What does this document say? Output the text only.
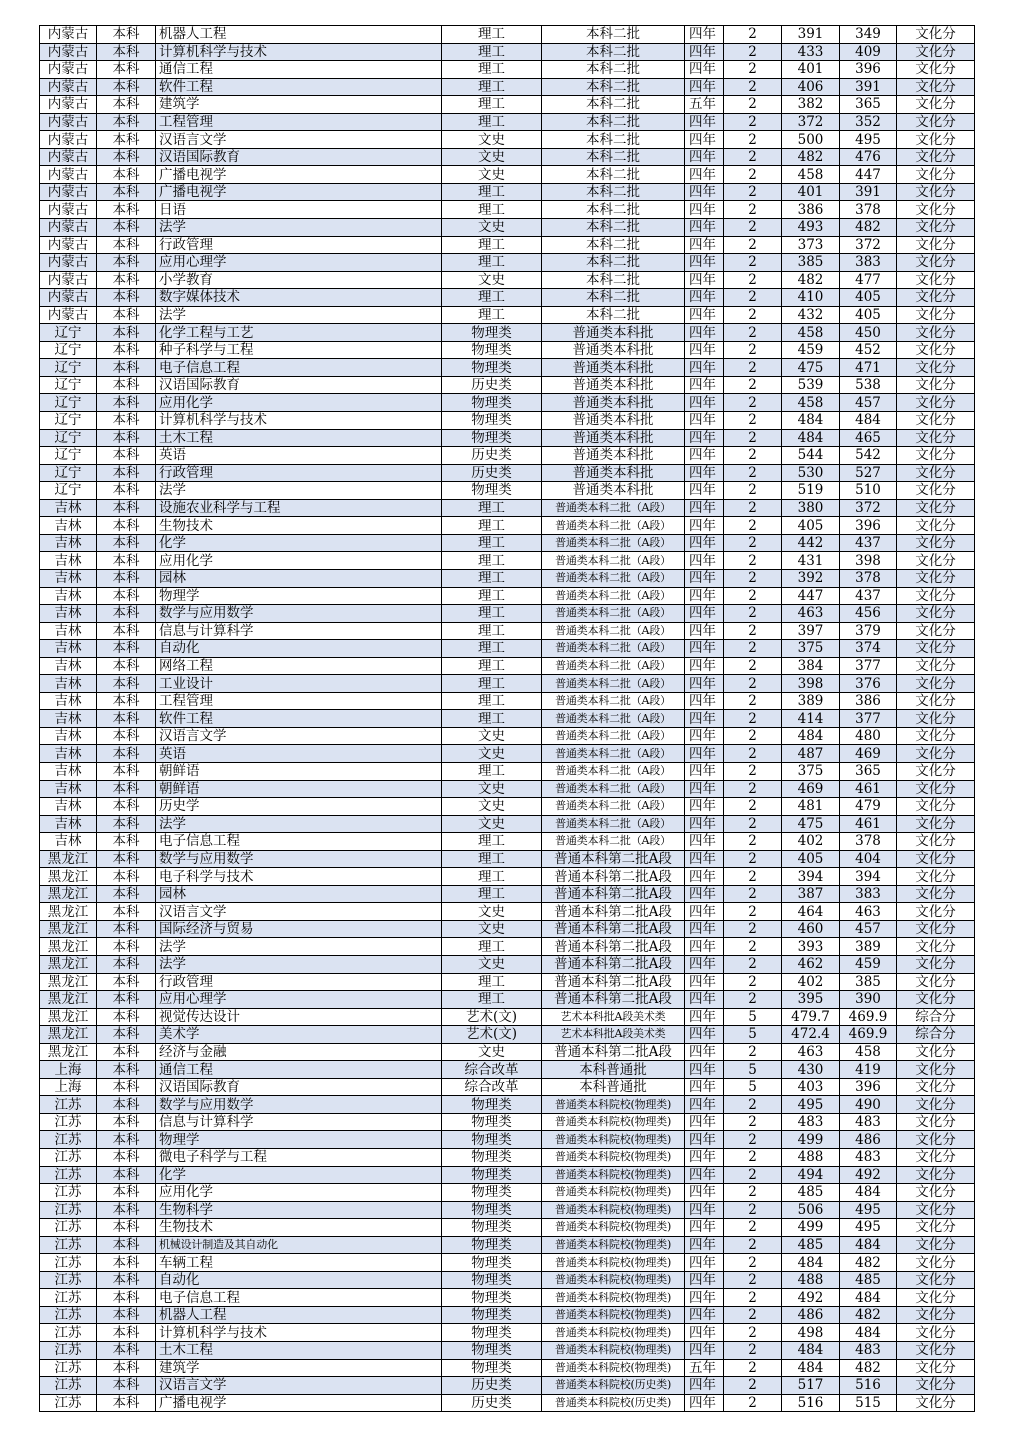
内蒙古	本科	机器人工程	理工	本科二批	四年	2	391	349	文化分
内蒙古	本科	计算机科学与技术	理工	本科二批	四年	2	433	409	文化分
内蒙古	本科	通信工程	理工	本科二批	四年	2	401	396	文化分
内蒙古	本科	软件工程	理工	本科二批	四年	2	406	391	文化分
内蒙古	本科	建筑学	理工	本科二批	五年	2	382	365	文化分
内蒙古	本科	工程管理	理工	本科二批	四年	2	372	352	文化分
内蒙古	本科	汉语言文学	文史	本科二批	四年	2	500	495	文化分
内蒙古	本科	汉语国际教育	文史	本科二批	四年	2	482	476	文化分
内蒙古	本科	广播电视学	文史	本科二批	四年	2	458	447	文化分
内蒙古	本科	广播电视学	理工	本科二批	四年	2	401	391	文化分
内蒙古	本科	日语	理工	本科二批	四年	2	386	378	文化分
内蒙古	本科	法学	文史	本科二批	四年	2	493	482	文化分
内蒙古	本科	行政管理	理工	本科二批	四年	2	373	372	文化分
内蒙古	本科	应用心理学	理工	本科二批	四年	2	385	383	文化分
内蒙古	本科	小学教育	文史	本科二批	四年	2	482	477	文化分
内蒙古	本科	数字媒体技术	理工	本科二批	四年	2	410	405	文化分
内蒙古	本科	法学	理工	本科二批	四年	2	432	405	文化分
辽宁	本科	化学工程与工艺	物理类	普通类本科批	四年	2	458	450	文化分
辽宁	本科	种子科学与工程	物理类	普通类本科批	四年	2	459	452	文化分
辽宁	本科	电子信息工程	物理类	普通类本科批	四年	2	475	471	文化分
辽宁	本科	汉语国际教育	历史类	普通类本科批	四年	2	539	538	文化分
辽宁	本科	应用化学	物理类	普通类本科批	四年	2	458	457	文化分
辽宁	本科	计算机科学与技术	物理类	普通类本科批	四年	2	484	484	文化分
辽宁	本科	土木工程	物理类	普通类本科批	四年	2	484	465	文化分
辽宁	本科	英语	历史类	普通类本科批	四年	2	544	542	文化分
辽宁	本科	行政管理	历史类	普通类本科批	四年	2	530	527	文化分
辽宁	本科	法学	物理类	普通类本科批	四年	2	519	510	文化分
吉林	本科	设施农业科学与工程	理工	普通类本科二批（A段）	四年	2	380	372	文化分
吉林	本科	生物技术	理工	普通类本科二批（A段）	四年	2	405	396	文化分
吉林	本科	化学	理工	普通类本科二批（A段）	四年	2	442	437	文化分
吉林	本科	应用化学	理工	普通类本科二批（A段）	四年	2	431	398	文化分
吉林	本科	园林	理工	普通类本科二批（A段）	四年	2	392	378	文化分
吉林	本科	物理学	理工	普通类本科二批（A段）	四年	2	447	437	文化分
吉林	本科	数学与应用数学	理工	普通类本科二批（A段）	四年	2	463	456	文化分
吉林	本科	信息与计算科学	理工	普通类本科二批（A段）	四年	2	397	379	文化分
吉林	本科	自动化	理工	普通类本科二批（A段）	四年	2	375	374	文化分
吉林	本科	网络工程	理工	普通类本科二批（A段）	四年	2	384	377	文化分
吉林	本科	工业设计	理工	普通类本科二批（A段）	四年	2	398	376	文化分
吉林	本科	工程管理	理工	普通类本科二批（A段）	四年	2	389	386	文化分
吉林	本科	软件工程	理工	普通类本科二批（A段）	四年	2	414	377	文化分
吉林	本科	汉语言文学	文史	普通类本科二批（A段）	四年	2	484	480	文化分
吉林	本科	英语	文史	普通类本科二批（A段）	四年	2	487	469	文化分
吉林	本科	朝鲜语	理工	普通类本科二批（A段）	四年	2	375	365	文化分
吉林	本科	朝鲜语	文史	普通类本科二批（A段）	四年	2	469	461	文化分
吉林	本科	历史学	文史	普通类本科二批（A段）	四年	2	481	479	文化分
吉林	本科	法学	文史	普通类本科二批（A段）	四年	2	475	461	文化分
吉林	本科	电子信息工程	理工	普通类本科二批（A段）	四年	2	402	378	文化分
黑龙江	本科	数学与应用数学	理工	普通本科第二批A段	四年	2	405	404	文化分
黑龙江	本科	电子科学与技术	理工	普通本科第二批A段	四年	2	394	394	文化分
黑龙江	本科	园林	理工	普通本科第二批A段	四年	2	387	383	文化分
黑龙江	本科	汉语言文学	文史	普通本科第二批A段	四年	2	464	463	文化分
黑龙江	本科	国际经济与贸易	文史	普通本科第二批A段	四年	2	460	457	文化分
黑龙江	本科	法学	理工	普通本科第二批A段	四年	2	393	389	文化分
黑龙江	本科	法学	文史	普通本科第二批A段	四年	2	462	459	文化分
黑龙江	本科	行政管理	理工	普通本科第二批A段	四年	2	402	385	文化分
黑龙江	本科	应用心理学	理工	普通本科第二批A段	四年	2	395	390	文化分
黑龙江	本科	视觉传达设计	艺术(文)	艺术本科批A段美术类	四年	5	479.7	469.9	综合分
黑龙江	本科	美术学	艺术(文)	艺术本科批A段美术类	四年	5	472.4	469.9	综合分
黑龙江	本科	经济与金融	文史	普通本科第二批A段	四年	2	463	458	文化分
上海	本科	通信工程	综合改革	本科普通批	四年	5	430	419	文化分
上海	本科	汉语国际教育	综合改革	本科普通批	四年	5	403	396	文化分
江苏	本科	数学与应用数学	物理类	普通类本科院校(物理类)	四年	2	495	490	文化分
江苏	本科	信息与计算科学	物理类	普通类本科院校(物理类)	四年	2	483	483	文化分
江苏	本科	物理学	物理类	普通类本科院校(物理类)	四年	2	499	486	文化分
江苏	本科	微电子科学与工程	物理类	普通类本科院校(物理类)	四年	2	488	483	文化分
江苏	本科	化学	物理类	普通类本科院校(物理类)	四年	2	494	492	文化分
江苏	本科	应用化学	物理类	普通类本科院校(物理类)	四年	2	485	484	文化分
江苏	本科	生物科学	物理类	普通类本科院校(物理类)	四年	2	506	495	文化分
江苏	本科	生物技术	物理类	普通类本科院校(物理类)	四年	2	499	495	文化分
江苏	本科	机械设计制造及其自动化	物理类	普通类本科院校(物理类)	四年	2	485	484	文化分
江苏	本科	车辆工程	物理类	普通类本科院校(物理类)	四年	2	484	482	文化分
江苏	本科	自动化	物理类	普通类本科院校(物理类)	四年	2	488	485	文化分
江苏	本科	电子信息工程	物理类	普通类本科院校(物理类)	四年	2	492	484	文化分
江苏	本科	机器人工程	物理类	普通类本科院校(物理类)	四年	2	486	482	文化分
江苏	本科	计算机科学与技术	物理类	普通类本科院校(物理类)	四年	2	498	484	文化分
江苏	本科	土木工程	物理类	普通类本科院校(物理类)	四年	2	484	483	文化分
江苏	本科	建筑学	物理类	普通类本科院校(物理类)	五年	2	484	482	文化分
江苏	本科	汉语言文学	历史类	普通类本科院校(历史类)	四年	2	517	516	文化分
江苏	本科	广播电视学	历史类	普通类本科院校(历史类)	四年	2	516	515	文化分
